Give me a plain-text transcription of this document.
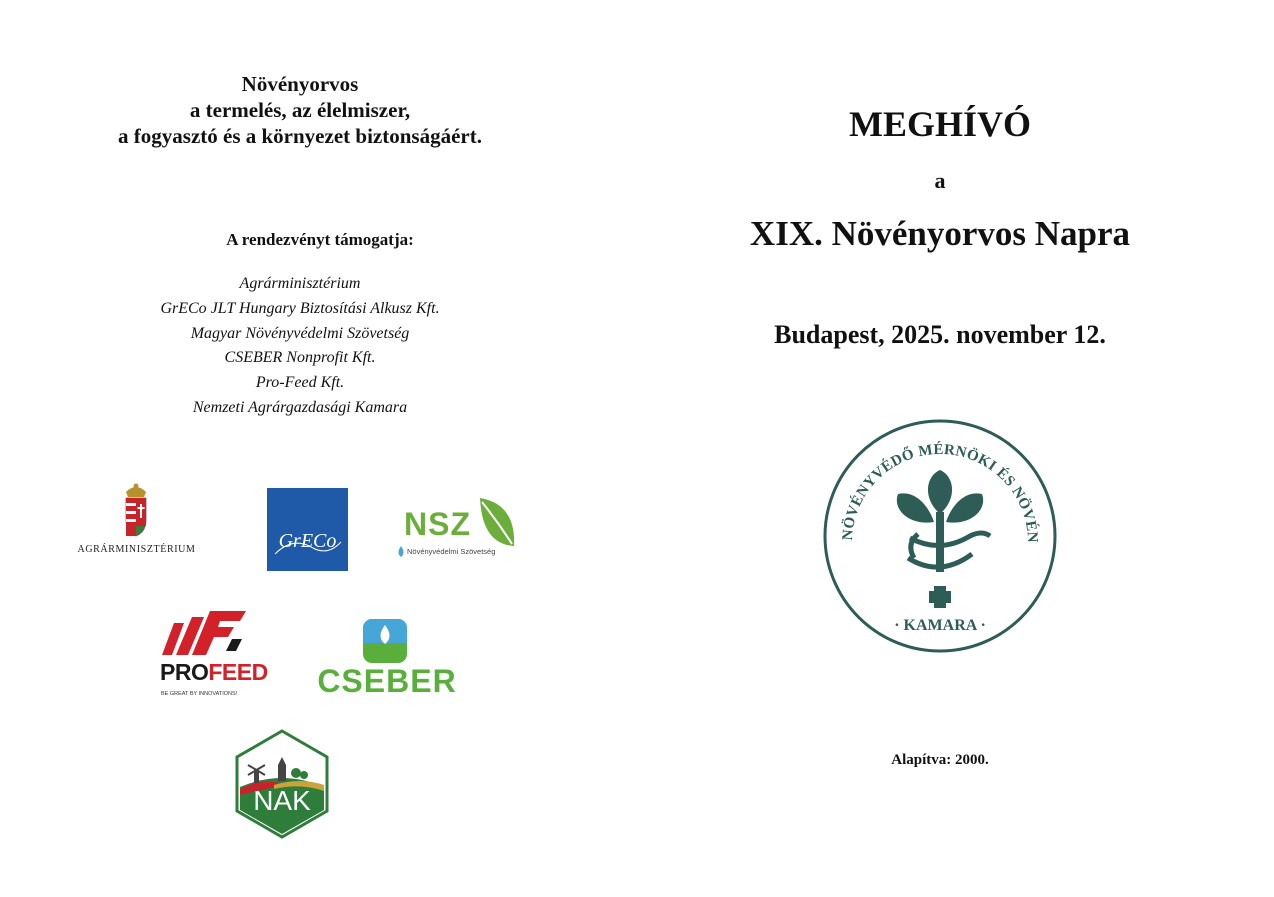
Növényorvos
a termelés, az élelmiszer,
a fogyasztó és a környezet biztonságáért.
A rendezvényt támogatja:
Agrárminisztérium
GrECo JLT Hungary Biztosítási Alkusz Kft.
Magyar Növényvédelmi Szövetség
CSEBER Nonprofit Kft.
Pro-Feed Kft.
Nemzeti Agrárgazdasági Kamara
AGRÁRMINISZTÉRIUM	GrECo	NSZ
Növényvédelmi Szövetség
PROFEED
BE GREAT BY INNOVATIONS!	CSEBER
NAK
MEGHÍVÓ
a
XIX. Növényorvos Napra
Budapest, 2025. november 12.
NÖVÉNYVÉDŐ MÉRNÖKI ÉS NÖVÉN
· KAMARA ·
Alapítva: 2000.
